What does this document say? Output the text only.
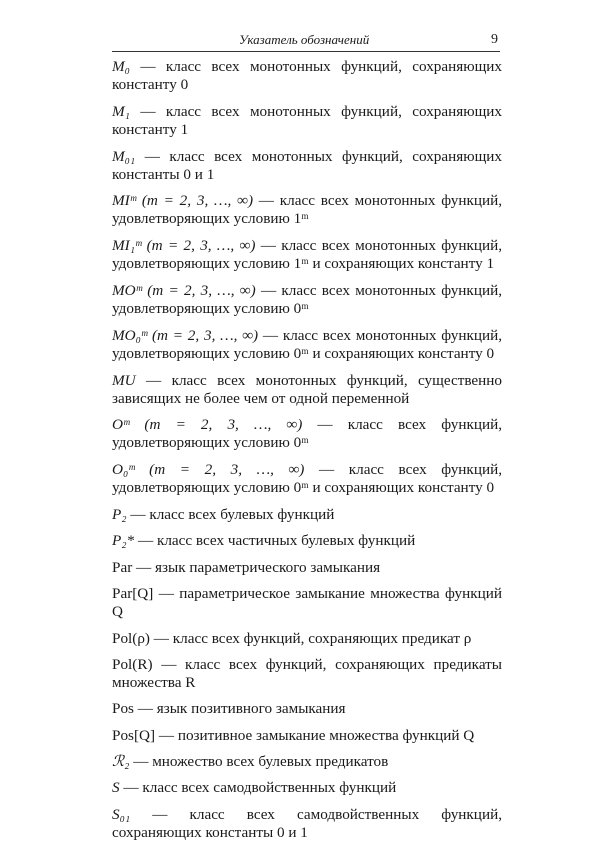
Указатель обозначений	9
M₀ — класс всех монотонных функций, сохраняющих константу 0
M₁ — класс всех монотонных функций, сохраняющих константу 1
M₀₁ — класс всех монотонных функций, сохраняющих константы 0 и 1
MIᵐ (m = 2, 3, …, ∞) — класс всех монотонных функций, удовлетворяющих условию 1ᵐ
MI₁ᵐ (m = 2, 3, …, ∞) — класс всех монотонных функций, удовлетворяющих условию 1ᵐ и сохраняющих константу 1
MOᵐ (m = 2, 3, …, ∞) — класс всех монотонных функций, удовлетворяющих условию 0ᵐ
MO₀ᵐ (m = 2, 3, …, ∞) — класс всех монотонных функций, удовлетворяющих условию 0ᵐ и сохраняющих константу 0
MU — класс всех монотонных функций, существенно зависящих не более чем от одной переменной
Oᵐ (m = 2, 3, …, ∞) — класс всех функций, удовлетворяющих условию 0ᵐ
O₀ᵐ (m = 2, 3, …, ∞) — класс всех функций, удовлетворяющих условию 0ᵐ и сохраняющих константу 0
P₂ — класс всех булевых функций
P₂* — класс всех частичных булевых функций
Par — язык параметрического замыкания
Par[Q] — параметрическое замыкание множества функций Q
Pol(ρ) — класс всех функций, сохраняющих предикат ρ
Pol(R) — класс всех функций, сохраняющих предикаты множества R
Pos — язык позитивного замыкания
Pos[Q] — позитивное замыкание множества функций Q
ℛ₂ — множество всех булевых предикатов
S — класс всех самодвойственных функций
S₀₁ — класс всех самодвойственных функций, сохраняющих константы 0 и 1
